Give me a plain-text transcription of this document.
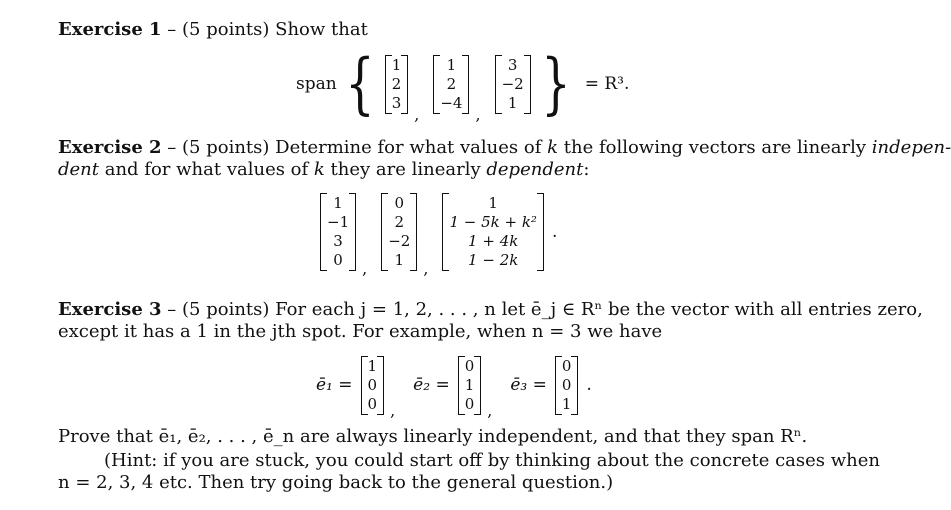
Exercise 1 – (5 points) Show that
span { 1
2
3
,
1
2
−4
,
3
−2
1 } = R³.
Exercise 2 – (5 points) Determine for what values of k the following vectors are linearly indepen-
dent and for what values of k they are linearly dependent:
1
−1
3
0 ,
0
2
−2
1 ,
1
1 − 5k + k²
1 + 4k
1 − 2k
.
Exercise 3 – (5 points) For each j = 1, 2, . . . , n let ē_j ∈ Rⁿ be the vector with all entries zero,
except it has a 1 in the jth spot. For example, when n = 3 we have
ē₁ =
1
0
0 ,
ē₂ =
0
1
0 ,
ē₃ =
0
0
1
.
Prove that ē₁, ē₂, . . . , ē_n are always linearly independent, and that they span Rⁿ.
(Hint: if you are stuck, you could start off by thinking about the concrete cases when
n = 2, 3, 4 etc. Then try going back to the general question.)
